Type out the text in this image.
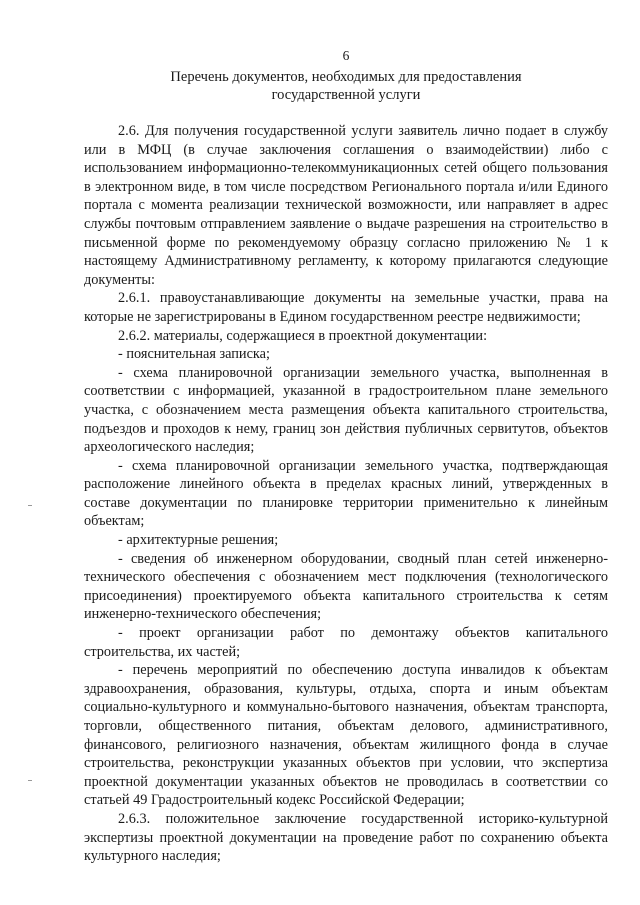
6
Перечень документов, необходимых для предоставления
государственной услуги

2.6. Для получения государственной услуги заявитель лично подает в службу или в МФЦ (в случае заключения соглашения о взаимодействии) либо с использованием информационно-телекоммуникационных сетей общего пользования в электронном виде, в том числе посредством Регионального портала и/или Единого портала с момента реализации технической возможности, или направляет в адрес службы почтовым отправлением заявление о выдаче разрешения на строительство в письменной форме по рекомендуемому образцу согласно приложению № 1 к настоящему Административному регламенту, к которому прилагаются следующие документы:

2.6.1. правоустанавливающие документы на земельные участки, права на которые не зарегистрированы в Едином государственном реестре недвижимости;

2.6.2. материалы, содержащиеся в проектной документации:

- пояснительная записка;

- схема планировочной организации земельного участка, выполненная в соответствии с информацией, указанной в градостроительном плане земельного участка, с обозначением места размещения объекта капитального строительства, подъездов и проходов к нему, границ зон действия публичных сервитутов, объектов археологического наследия;

- схема планировочной организации земельного участка, подтверждающая расположение линейного объекта в пределах красных линий, утвержденных в составе документации по планировке территории применительно к линейным объектам;

- архитектурные решения;

- сведения об инженерном оборудовании, сводный план сетей инженерно-технического обеспечения с обозначением мест подключения (технологического присоединения) проектируемого объекта капитального строительства к сетям инженерно-технического обеспечения;

- проект организации работ по демонтажу объектов капитального строительства, их частей;

- перечень мероприятий по обеспечению доступа инвалидов к объектам здравоохранения, образования, культуры, отдыха, спорта и иным объектам социально-культурного и коммунально-бытового назначения, объектам транспорта, торговли, общественного питания, объектам делового, административного, финансового, религиозного назначения, объектам жилищного фонда в случае строительства, реконструкции указанных объектов при условии, что экспертиза проектной документации указанных объектов не проводилась в соответствии со статьей 49 Градостроительный кодекс Российской Федерации;

2.6.3. положительное заключение государственной историко-культурной экспертизы проектной документации на проведение работ по сохранению объекта культурного наследия;
